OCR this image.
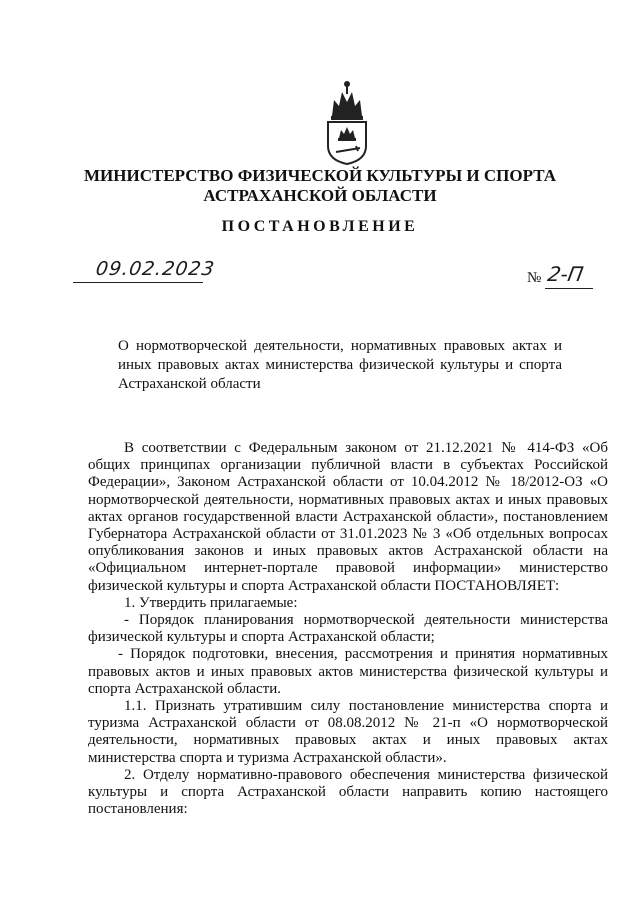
МИНИСТЕРСТВО ФИЗИЧЕСКОЙ КУЛЬТУРЫ И СПОРТА АСТРАХАНСКОЙ ОБЛАСТИ
ПОСТАНОВЛЕНИЕ
09.02.2023	№ 2-П
О нормотворческой деятельности, нормативных правовых актах и иных правовых актах министерства физической культуры и спорта Астраханской области

В соответствии с Федеральным законом от 21.12.2021 № 414-ФЗ «Об общих принципах организации публичной власти в субъектах Российской Федерации», Законом Астраханской области от 10.04.2012 № 18/2012-ОЗ «О нормотворческой деятельности, нормативных правовых актах и иных правовых актах органов государственной власти Астраханской области», постановлением Губернатора Астраханской области от 31.01.2023 № 3 «Об отдельных вопросах опубликования законов и иных правовых актов Астраханской области на «Официальном интернет-портале правовой информации» министерство физической культуры и спорта Астраханской области ПОСТАНОВЛЯЕТ:

1. Утвердить прилагаемые:

- Порядок планирования нормотворческой деятельности министерства физической культуры и спорта Астраханской области;

- Порядок подготовки, внесения, рассмотрения и принятия нормативных правовых актов и иных правовых актов министерства физической культуры и спорта Астраханской области.

1.1. Признать утратившим силу постановление министерства спорта и туризма Астраханской области от 08.08.2012 № 21-п «О нормотворческой деятельности, нормативных правовых актах и иных правовых актах министерства спорта и туризма Астраханской области».

2. Отделу нормативно-правового обеспечения министерства физической культуры и спорта Астраханской области направить копию настоящего постановления:
